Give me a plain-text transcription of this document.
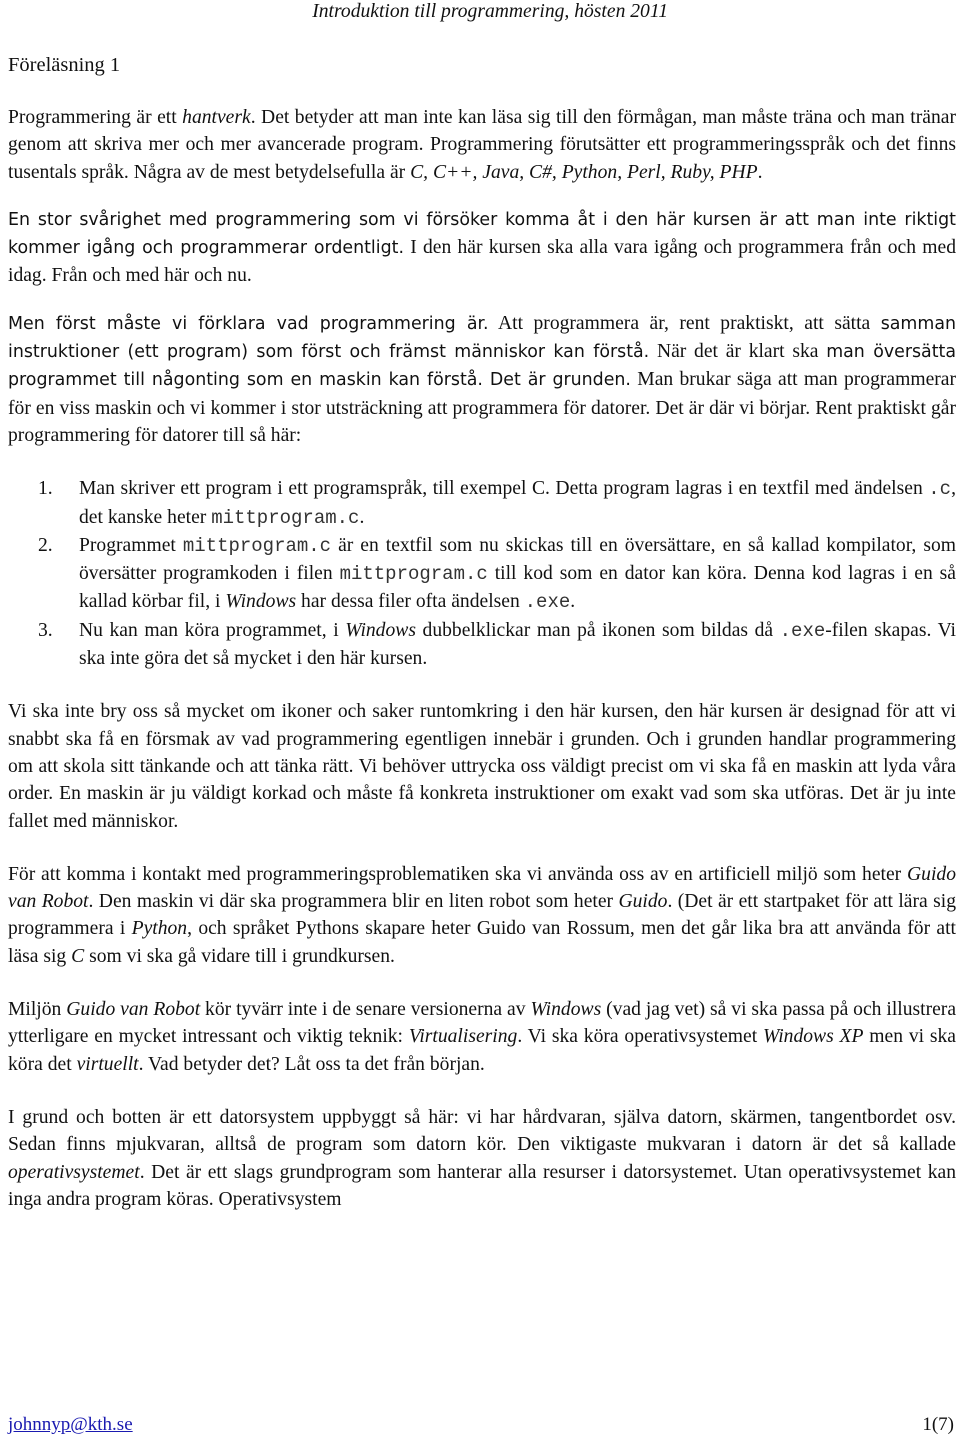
Introduktion till programmering, hösten 2011
Föreläsning 1

Programmering är ett hantverk. Det betyder att man inte kan läsa sig till den förmågan, man måste träna och man tränar genom att skriva mer och mer avancerade program. Programmering förutsätter ett programmeringsspråk och det finns tusentals språk. Några av de mest betydelsefulla är C, C++, Java, C#, Python, Perl, Ruby, PHP.

En stor svårighet med programmering som vi försöker komma åt i den här kursen är att man inte riktigt kommer igång och programmerar ordentligt. I den här kursen ska alla vara igång och programmera från och med idag. Från och med här och nu.

Men först måste vi förklara vad programmering är. Att programmera är, rent praktiskt, att sätta samman instruktioner (ett program) som först och främst människor kan förstå. När det är klart ska man översätta programmet till någonting som en maskin kan förstå. Det är grunden. Man brukar säga att man programmerar för en viss maskin och vi kommer i stor utsträckning att programmera för datorer. Det är där vi börjar. Rent praktiskt går programmering för datorer till så här:

1. Man skriver ett program i ett programspråk, till exempel C. Detta program lagras i en textfil med ändelsen .c, det kanske heter mittprogram.c.
2. Programmet mittprogram.c är en textfil som nu skickas till en översättare, en så kallad kompilator, som översätter programkoden i filen mittprogram.c till kod som en dator kan köra. Denna kod lagras i en så kallad körbar fil, i Windows har dessa filer ofta ändelsen .exe.
3. Nu kan man köra programmet, i Windows dubbelklickar man på ikonen som bildas då .exe-filen skapas. Vi ska inte göra det så mycket i den här kursen.

Vi ska inte bry oss så mycket om ikoner och saker runtomkring i den här kursen, den här kursen är designad för att vi snabbt ska få en försmak av vad programmering egentligen innebär i grunden. Och i grunden handlar programmering om att skola sitt tänkande och att tänka rätt. Vi behöver uttrycka oss väldigt precist om vi ska få en maskin att lyda våra order. En maskin är ju väldigt korkad och måste få konkreta instruktioner om exakt vad som ska utföras. Det är ju inte fallet med människor.

För att komma i kontakt med programmeringsproblematiken ska vi använda oss av en artificiell miljö som heter Guido van Robot. Den maskin vi där ska programmera blir en liten robot som heter Guido. (Det är ett startpaket för att lära sig programmera i Python, och språket Pythons skapare heter Guido van Rossum, men det går lika bra att använda för att läsa sig C som vi ska gå vidare till i grundkursen.

Miljön Guido van Robot kör tyvärr inte i de senare versionerna av Windows (vad jag vet) så vi ska passa på och illustrera ytterligare en mycket intressant och viktig teknik: Virtualisering. Vi ska köra operativsystemet Windows XP men vi ska köra det virtuellt. Vad betyder det? Låt oss ta det från början.

I grund och botten är ett datorsystem uppbyggt så här: vi har hårdvaran, själva datorn, skärmen, tangentbordet osv. Sedan finns mjukvaran, alltså de program som datorn kör. Den viktigaste mukvaran i datorn är det så kallade operativsystemet. Det är ett slags grundprogram som hanterar alla resurser i datorsystemet. Utan operativsystemet kan inga andra program köras. Operativsystem

johnnyp@kth.se	1(7)
